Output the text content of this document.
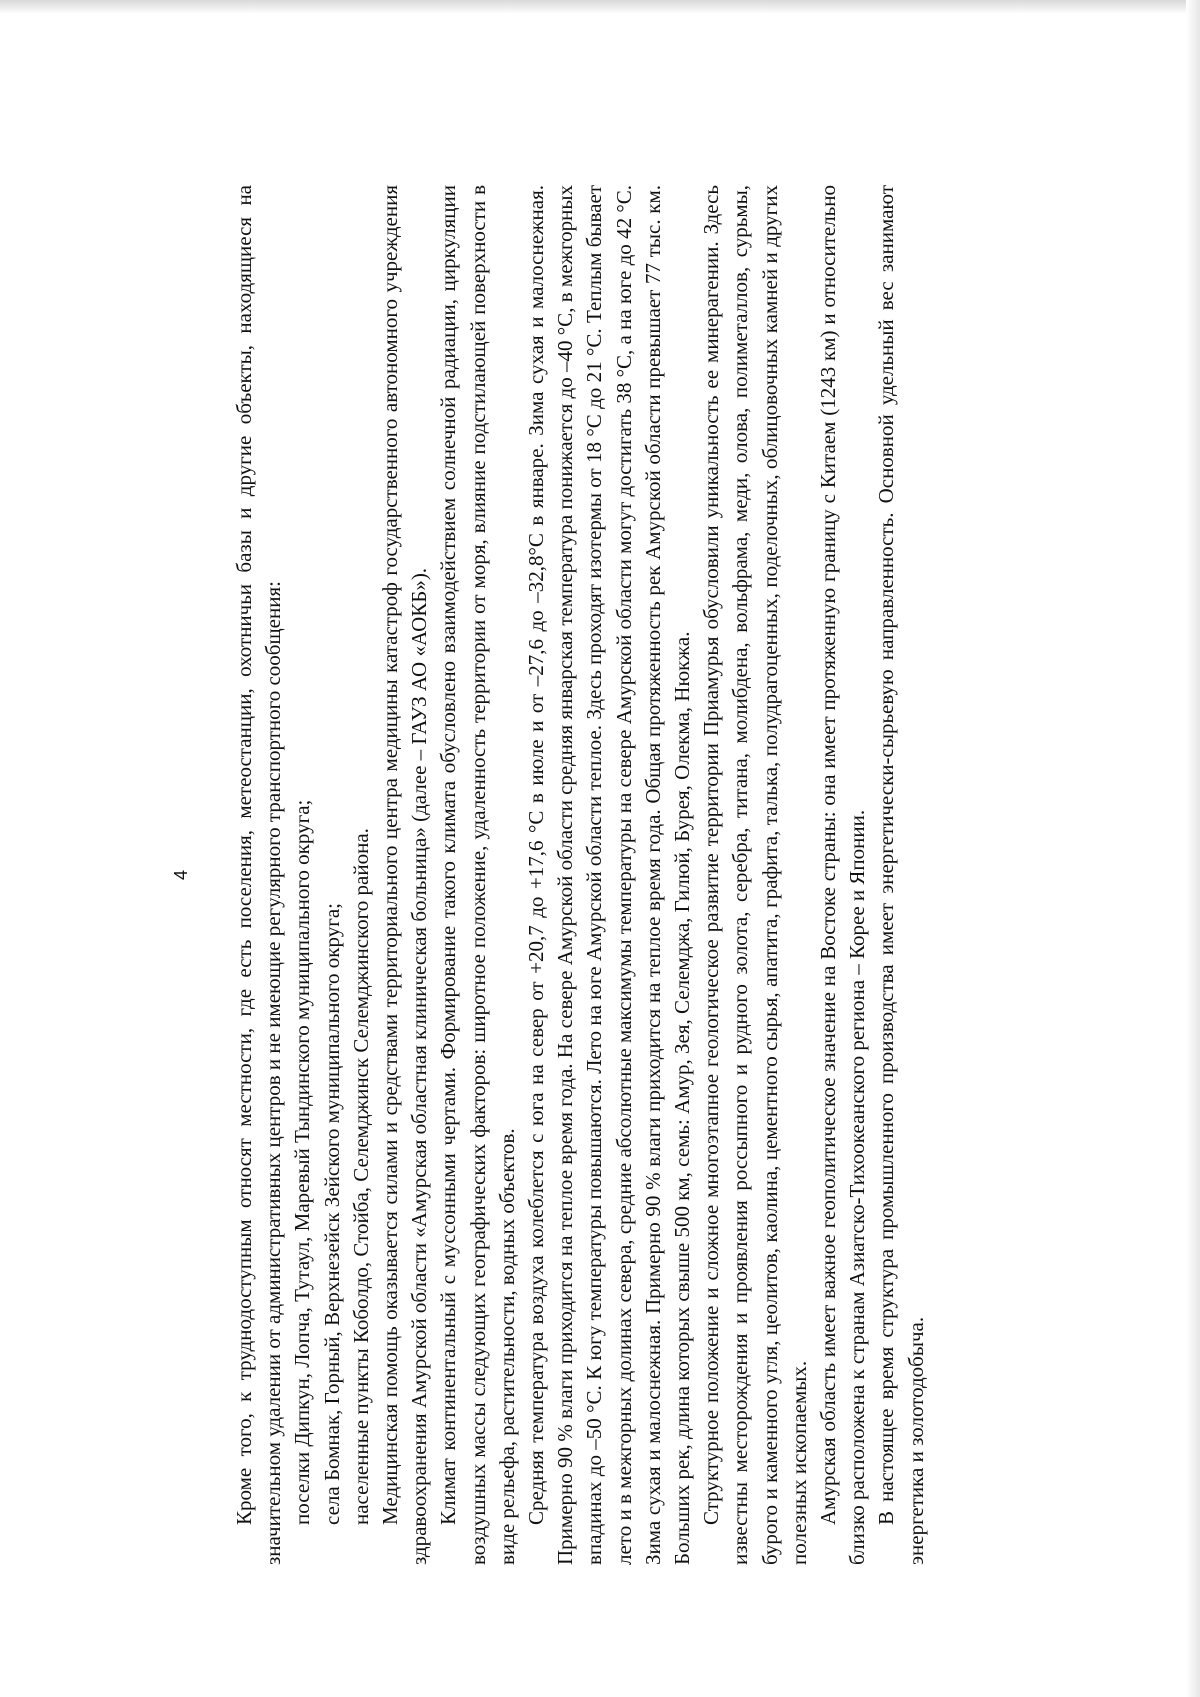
4 Кроме того, к труднодоступным относят местности, где есть поселения, метеостанции, охотничьи базы и другие объекты, находящиеся на значительном удалении от административных центров и не имеющие регулярного транспортного сообщения: поселки Дипкун, Лопча, Тутаул, Маревый Тындинского муниципального округа; села Бомнак, Горный, Верхнезейск Зейского муниципального округа; населенные пункты Коболдо, Стойба, Селемджинск Селемджинского района. Медицинская помощь оказывается силами и средствами территориального центра медицины катастроф государственного автономного учреждения здравоохранения Амурской области «Амурская областная клиническая больница» (далее – ГАУЗ АО «АОКБ»). Климат континентальный с муссонными чертами. Формирование такого климата обусловлено взаимодействием солнечной радиации, циркуляции воздушных массы следующих географических факторов: широтное положение, удаленность территории от моря, влияние подстилающей поверхности в виде рельефа, растительности, водных объектов. Средняя температура воздуха колеблется с юга на север от +20,7 до +17,6 °С в июле и от –27,6 до –32,8°С в январе. Зима сухая и малоснежная. Примерно 90 % влаги приходится на теплое время года. На севере Амурской области средняя январская температура понижается до –40 °С, в межгорных впадинах до –50 °С. К югу температуры повышаются. Лето на юге Амурской области теплое. Здесь проходят изотермы от 18 °С до 21 °С. Теплым бывает лето и в межгорных долинах севера, средние абсолютные максимумы температуры на севере Амурской области могут достигать 38 °С, а на юге до 42 °С. Зима сухая и малоснежная. Примерно 90 % влаги приходится на теплое время года. Общая протяженность рек Амурской области превышает 77 тыс. км. Больших рек, длина которых свыше 500 км, семь: Амур, Зея, Селемджа, Гилюй, Бурея, Олекма, Нюкжа. Структурное положение и сложное многоэтапное геологическое развитие территории Приамурья обусловили уникальность ее минерагении. Здесь известны месторождения и проявления россыпного и рудного золота, серебра, титана, молибдена, вольфрама, меди, олова, полиметаллов, сурьмы, бурого и каменного угля, цеолитов, каолина, цементного сырья, апатита, графита, талька, полудрагоценных, поделочных, облицовочных камней и других полезных ископаемых. Амурская область имеет важное геополитическое значение на Востоке страны: она имеет протяженную границу с Китаем (1243 км) и относительно близко расположена к странам Азиатско-Тихоокеанского региона – Корее и Японии. В настоящее время структура промышленного производства имеет энергетически-сырьевую направленность. Основной удельный вес занимают энергетика и золотодобыча.
